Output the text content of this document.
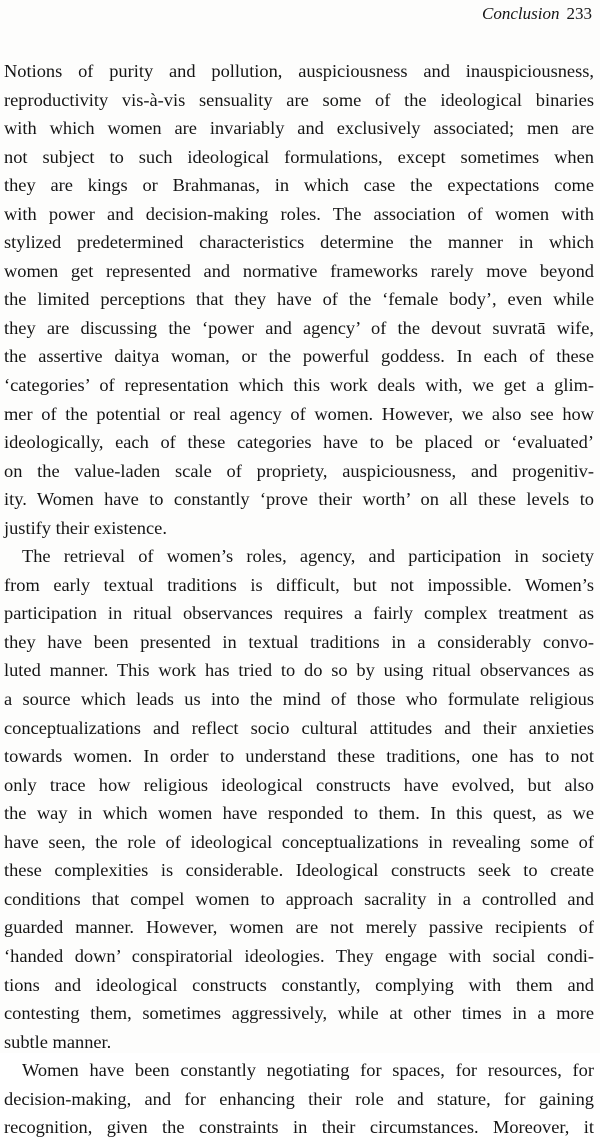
Conclusion 233

Notions of purity and pollution, auspiciousness and inauspiciousness,
reproductivity vis-à-vis sensuality are some of the ideological binaries
with which women are invariably and exclusively associated; men are
not subject to such ideological formulations, except sometimes when
they are kings or Brahmanas, in which case the expectations come
with power and decision-making roles. The association of women with
stylized predetermined characteristics determine the manner in which
women get represented and normative frameworks rarely move beyond
the limited perceptions that they have of the ‘female body’, even while
they are discussing the ‘power and agency’ of the devout suvratā wife,
the assertive daitya woman, or the powerful goddess. In each of these
‘categories’ of representation which this work deals with, we get a glim-
mer of the potential or real agency of women. However, we also see how
ideologically, each of these categories have to be placed or ‘evaluated’
on the value-laden scale of propriety, auspiciousness, and progenitiv-
ity. Women have to constantly ‘prove their worth’ on all these levels to
justify their existence.

The retrieval of women’s roles, agency, and participation in society
from early textual traditions is difficult, but not impossible. Women’s
participation in ritual observances requires a fairly complex treatment as
they have been presented in textual traditions in a considerably convo-
luted manner. This work has tried to do so by using ritual observances as
a source which leads us into the mind of those who formulate religious
conceptualizations and reflect socio cultural attitudes and their anxieties
towards women. In order to understand these traditions, one has to not
only trace how religious ideological constructs have evolved, but also
the way in which women have responded to them. In this quest, as we
have seen, the role of ideological conceptualizations in revealing some of
these complexities is considerable. Ideological constructs seek to create
conditions that compel women to approach sacrality in a controlled and
guarded manner. However, women are not merely passive recipients of
‘handed down’ conspiratorial ideologies. They engage with social condi-
tions and ideological constructs constantly, complying with them and
contesting them, sometimes aggressively, while at other times in a more
subtle manner.

Women have been constantly negotiating for spaces, for resources, for
decision-making, and for enhancing their role and stature, for gaining
recognition, given the constraints in their circumstances. Moreover, it
